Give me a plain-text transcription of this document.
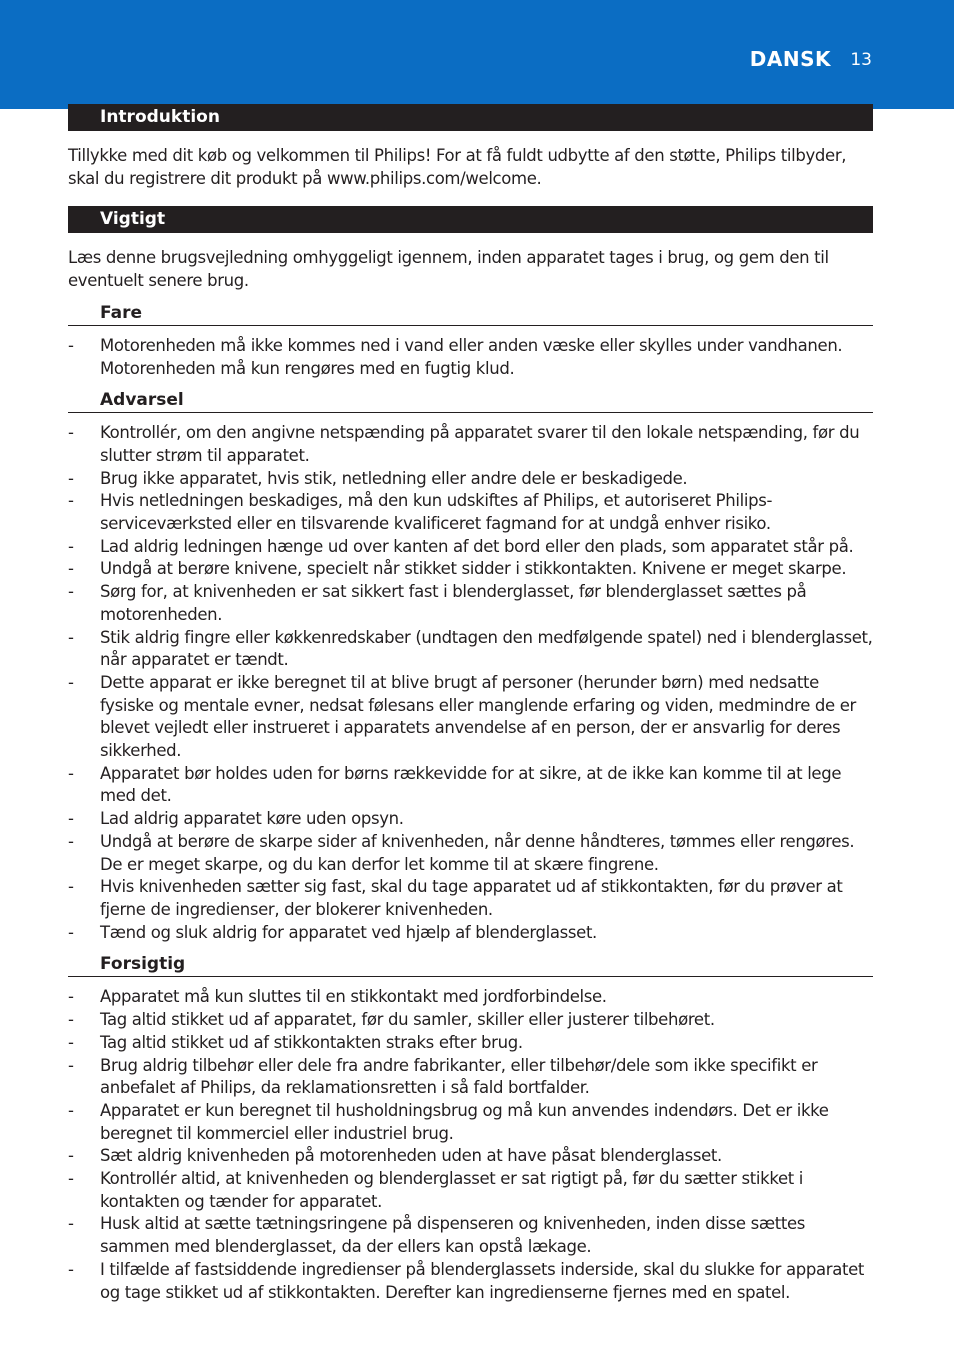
DANSK 13
Introduktion

Tillykke med dit køb og velkommen til Philips! For at få fuldt udbytte af den støtte, Philips tilbyder, skal du registrere dit produkt på www.philips.com/welcome.

Vigtigt

Læs denne brugsvejledning omhyggeligt igennem, inden apparatet tages i brug, og gem den til eventuelt senere brug.

Fare
- Motorenheden må ikke kommes ned i vand eller anden væske eller skylles under vandhanen. Motorenheden må kun rengøres med en fugtig klud.
Advarsel
- Kontrollér, om den angivne netspænding på apparatet svarer til den lokale netspænding, før du slutter strøm til apparatet.
- Brug ikke apparatet, hvis stik, netledning eller andre dele er beskadigede.
- Hvis netledningen beskadiges, må den kun udskiftes af Philips, et autoriseret Philips-serviceværksted eller en tilsvarende kvalificeret fagmand for at undgå enhver risiko.
- Lad aldrig ledningen hænge ud over kanten af det bord eller den plads, som apparatet står på.
- Undgå at berøre knivene, specielt når stikket sidder i stikkontakten. Knivene er meget skarpe.
- Sørg for, at knivenheden er sat sikkert fast i blenderglasset, før blenderglasset sættes på motorenheden.
- Stik aldrig fingre eller køkkenredskaber (undtagen den medfølgende spatel) ned i blenderglasset, når apparatet er tændt.
- Dette apparat er ikke beregnet til at blive brugt af personer (herunder børn) med nedsatte fysiske og mentale evner, nedsat følesans eller manglende erfaring og viden, medmindre de er blevet vejledt eller instrueret i apparatets anvendelse af en person, der er ansvarlig for deres sikkerhed.
- Apparatet bør holdes uden for børns rækkevidde for at sikre, at de ikke kan komme til at lege med det.
- Lad aldrig apparatet køre uden opsyn.
- Undgå at berøre de skarpe sider af knivenheden, når denne håndteres, tømmes eller rengøres. De er meget skarpe, og du kan derfor let komme til at skære fingrene.
- Hvis knivenheden sætter sig fast, skal du tage apparatet ud af stikkontakten, før du prøver at fjerne de ingredienser, der blokerer knivenheden.
- Tænd og sluk aldrig for apparatet ved hjælp af blenderglasset.
Forsigtig
- Apparatet må kun sluttes til en stikkontakt med jordforbindelse.
- Tag altid stikket ud af apparatet, før du samler, skiller eller justerer tilbehøret.
- Tag altid stikket ud af stikkontakten straks efter brug.
- Brug aldrig tilbehør eller dele fra andre fabrikanter, eller tilbehør/dele som ikke specifikt er anbefalet af Philips, da reklamationsretten i så fald bortfalder.
- Apparatet er kun beregnet til husholdningsbrug og må kun anvendes indendørs. Det er ikke beregnet til kommerciel eller industriel brug.
- Sæt aldrig knivenheden på motorenheden uden at have påsat blenderglasset.
- Kontrollér altid, at knivenheden og blenderglasset er sat rigtigt på, før du sætter stikket i kontakten og tænder for apparatet.
- Husk altid at sætte tætningsringene på dispenseren og knivenheden, inden disse sættes sammen med blenderglasset, da der ellers kan opstå lækage.
- I tilfælde af fastsiddende ingredienser på blenderglassets inderside, skal du slukke for apparatet og tage stikket ud af stikkontakten. Derefter kan ingredienserne fjernes med en spatel.
